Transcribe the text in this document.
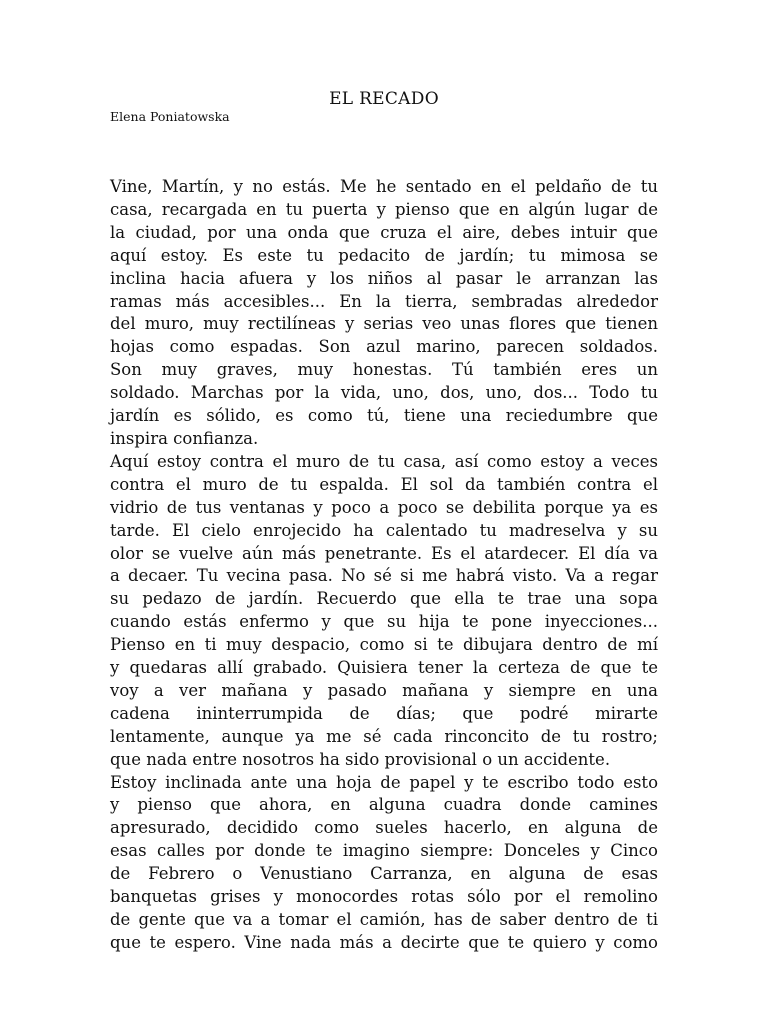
EL RECADO
Elena Poniatowska

Vine, Martín, y no estás. Me he sentado en el peldaño de tu
casa, recargada en tu puerta y pienso que en algún lugar de
la ciudad, por una onda que cruza el aire, debes intuir que
aquí estoy. Es este tu pedacito de jardín; tu mimosa se
inclina hacia afuera y los niños al pasar le arranzan las
ramas más accesibles... En la tierra, sembradas alrededor
del muro, muy rectilíneas y serias veo unas flores que tienen
hojas como espadas. Son azul marino, parecen soldados.
Son muy graves, muy honestas. Tú también eres un
soldado. Marchas por la vida, uno, dos, uno, dos... Todo tu
jardín es sólido, es como tú, tiene una reciedumbre que
inspira confianza.

Aquí estoy contra el muro de tu casa, así como estoy a veces
contra el muro de tu espalda. El sol da también contra el
vidrio de tus ventanas y poco a poco se debilita porque ya es
tarde. El cielo enrojecido ha calentado tu madreselva y su
olor se vuelve aún más penetrante. Es el atardecer. El día va
a decaer. Tu vecina pasa. No sé si me habrá visto. Va a regar
su pedazo de jardín. Recuerdo que ella te trae una sopa
cuando estás enfermo y que su hija te pone inyecciones...
Pienso en ti muy despacio, como si te dibujara dentro de mí
y quedaras allí grabado. Quisiera tener la certeza de que te
voy a ver mañana y pasado mañana y siempre en una
cadena ininterrumpida de días; que podré mirarte
lentamente, aunque ya me sé cada rinconcito de tu rostro;
que nada entre nosotros ha sido provisional o un accidente.

Estoy inclinada ante una hoja de papel y te escribo todo esto
y pienso que ahora, en alguna cuadra donde camines
apresurado, decidido como sueles hacerlo, en alguna de
esas calles por donde te imagino siempre: Donceles y Cinco
de Febrero o Venustiano Carranza, en alguna de esas
banquetas grises y monocordes rotas sólo por el remolino
de gente que va a tomar el camión, has de saber dentro de ti
que te espero. Vine nada más a decirte que te quiero y como
